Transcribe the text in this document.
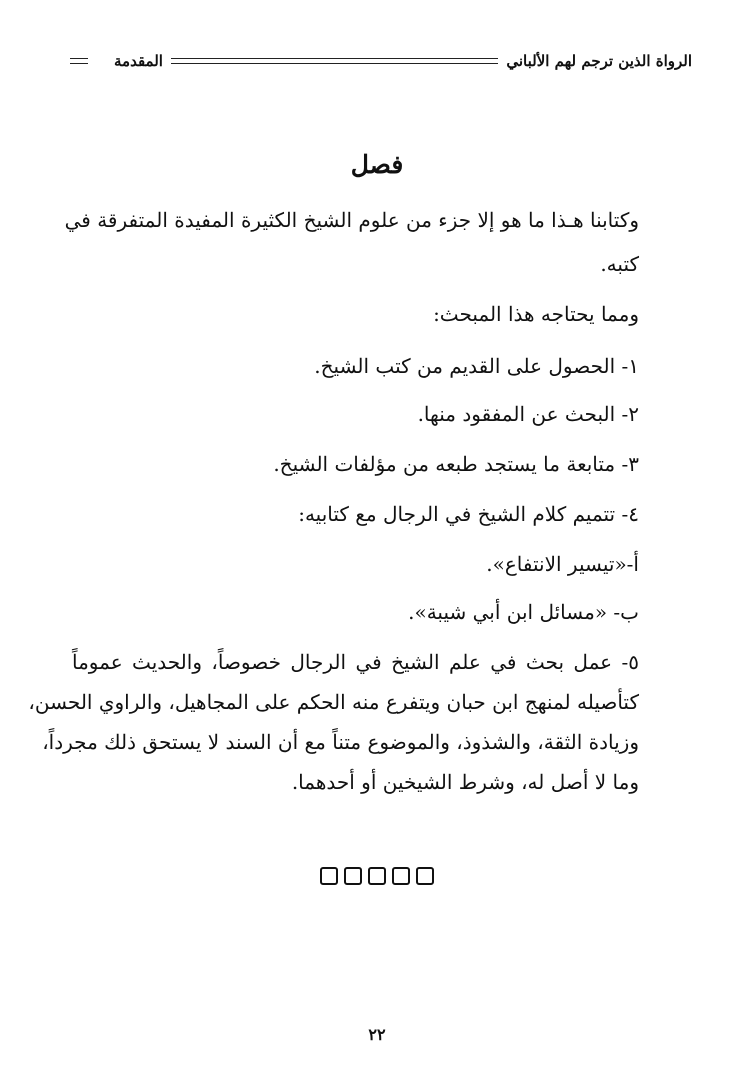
الرواة الذين ترجم لهم الألباني
المقدمة
فصل
وكتابنا هـذا ما هو إلا جزء من علوم الشيخ الكثيرة المفيدة المتفرقة في
كتبه.
ومما يحتاجه هذا المبحث:
١- الحصول على القديم من كتب الشيخ.
٢- البحث عن المفقود منها.
٣- متابعة ما يستجد طبعه من مؤلفات الشيخ.
٤- تتميم كلام الشيخ في الرجال مع كتابيه:
أ-«تيسير الانتفاع».
ب- «مسائل ابن أبي شيبة».
٥- عمل بحث في علم الشيخ في الرجال خصوصاً، والحديث عموماً
كتأصيله لمنهج ابن حبان ويتفرع منه الحكم على المجاهيل، والراوي الحسن،
وزيادة الثقة، والشذوذ، والموضوع متناً مع أن السند لا يستحق ذلك مجرداً،
وما لا أصل له، وشرط الشيخين أو أحدهما.
٢٢
